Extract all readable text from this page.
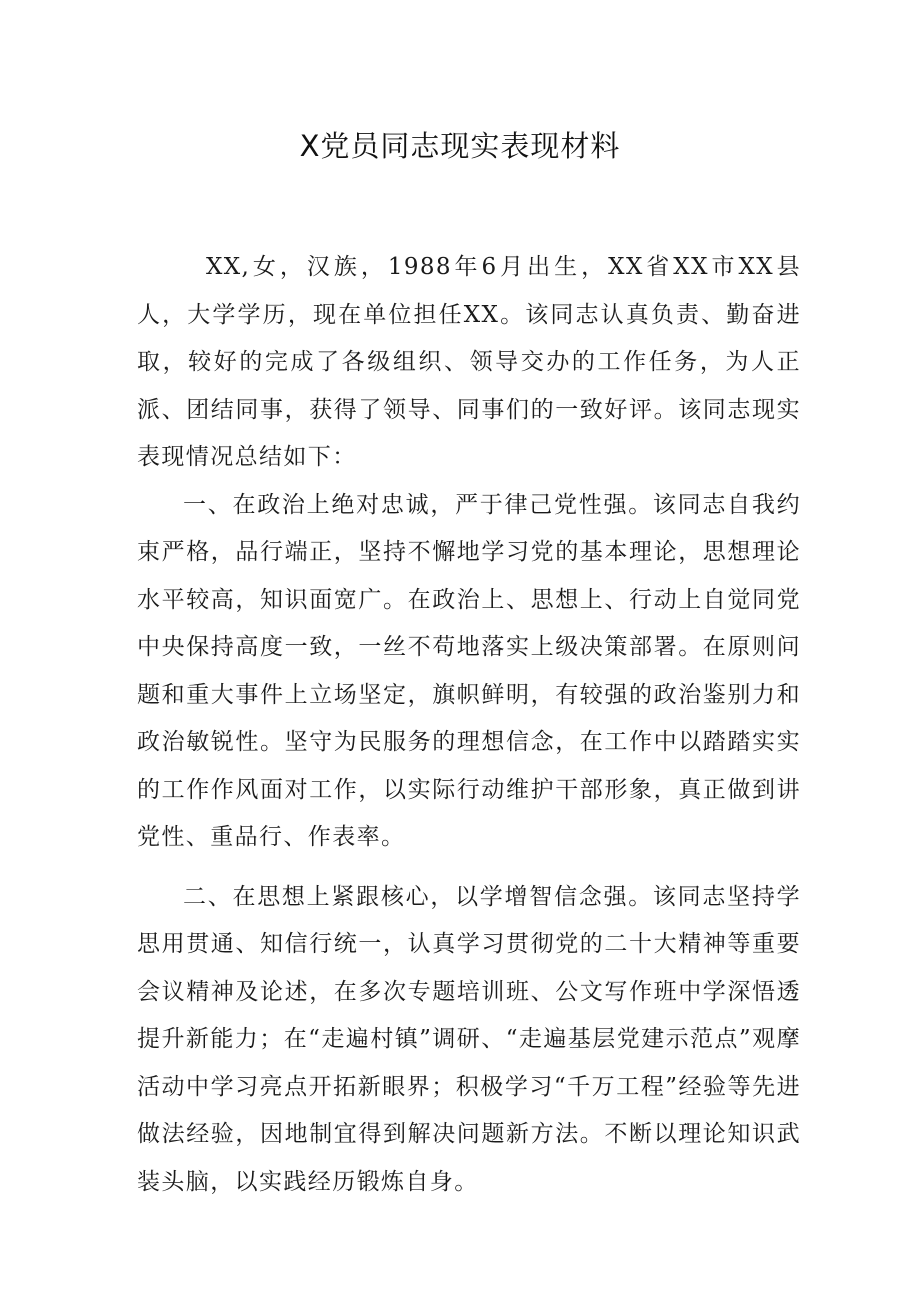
X党员同志现实表现材料

XX,女，汉族，1988年6月出生，XX省XX市XX县人，大学学历，现在单位担任XX。该同志认真负责、勤奋进取，较好的完成了各级组织、领导交办的工作任务，为人正派、团结同事，获得了领导、同事们的一致好评。该同志现实表现情况总结如下：

一、在政治上绝对忠诚，严于律己党性强。该同志自我约束严格，品行端正，坚持不懈地学习党的基本理论，思想理论水平较高，知识面宽广。在政治上、思想上、行动上自觉同党中央保持高度一致，一丝不苟地落实上级决策部署。在原则问题和重大事件上立场坚定，旗帜鲜明，有较强的政治鉴别力和政治敏锐性。坚守为民服务的理想信念，在工作中以踏踏实实的工作作风面对工作，以实际行动维护干部形象，真正做到讲党性、重品行、作表率。

二、在思想上紧跟核心，以学增智信念强。该同志坚持学思用贯通、知信行统一，认真学习贯彻党的二十大精神等重要会议精神及论述，在多次专题培训班、公文写作班中学深悟透提升新能力；在“走遍村镇”调研、“走遍基层党建示范点”观摩活动中学习亮点开拓新眼界；积极学习“千万工程”经验等先进做法经验，因地制宜得到解决问题新方法。不断以理论知识武装头脑，以实践经历锻炼自身。
